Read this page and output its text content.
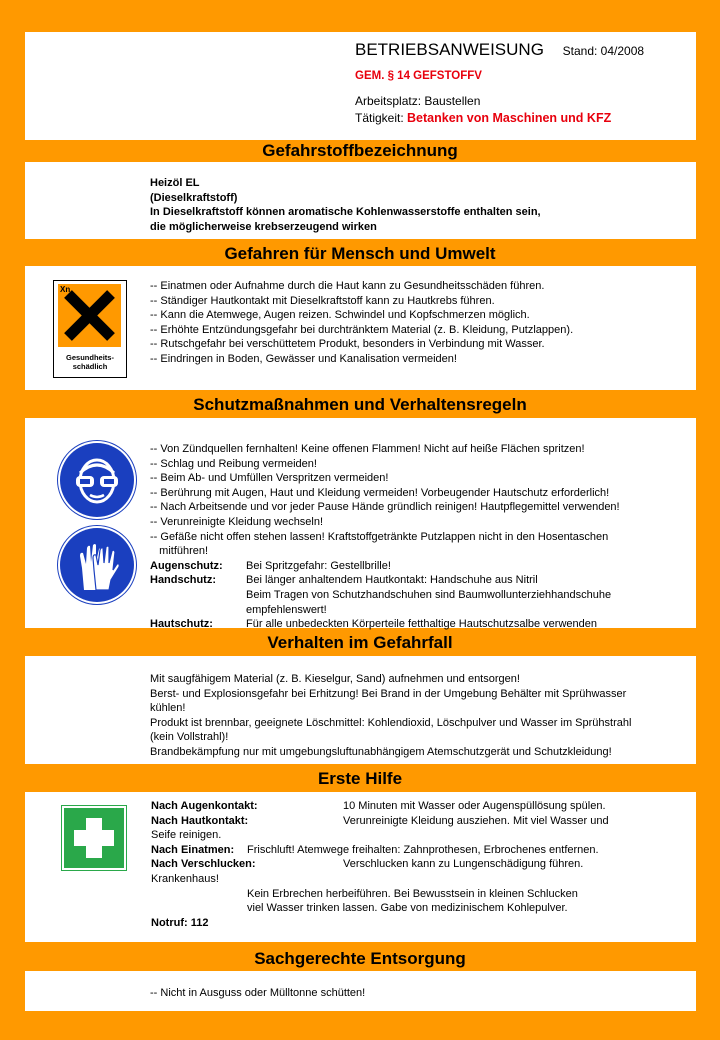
BETRIEBSANWEISUNG Stand: 04/2008
GEM. § 14 GEFSTOFFV
Arbeitsplatz: Baustellen
Tätigkeit: Betanken von Maschinen und KFZ
Gefahrstoffbezeichnung
Heizöl EL
(Dieselkraftstoff)
In Dieselkraftstoff können aromatische Kohlenwasserstoffe enthalten sein,
die möglicherweise krebserzeugend wirken
Gefahren für Mensch und Umwelt
Xn
Gesundheits-
schädlich
-- Einatmen oder Aufnahme durch die Haut kann zu Gesundheitsschäden führen.
-- Ständiger Hautkontakt mit Dieselkraftstoff kann zu Hautkrebs führen.
-- Kann die Atemwege, Augen reizen. Schwindel und Kopfschmerzen möglich.
-- Erhöhte Entzündungsgefahr bei durchtränktem Material (z. B. Kleidung, Putzlappen).
-- Rutschgefahr bei verschüttetem Produkt, besonders in Verbindung mit Wasser.
-- Eindringen in Boden, Gewässer und Kanalisation vermeiden!
Schutzmaßnahmen und Verhaltensregeln
-- Von Zündquellen fernhalten! Keine offenen Flammen! Nicht auf heiße Flächen spritzen!
-- Schlag und Reibung vermeiden!
-- Beim Ab- und Umfüllen Verspritzen vermeiden!
-- Berührung mit Augen, Haut und Kleidung vermeiden! Vorbeugender Hautschutz erforderlich!
-- Nach Arbeitsende und vor jeder Pause Hände gründlich reinigen! Hautpflegemittel verwenden!
-- Verunreinigte Kleidung wechseln!
-- Gefäße nicht offen stehen lassen! Kraftstoffgetränkte Putzlappen nicht in den Hosentaschen
mitführen!
Augenschutz: Bei Spritzgefahr: Gestellbrille!
Handschutz:	Bei länger anhaltendem Hautkontakt: Handschuhe aus Nitril
Beim Tragen von Schutzhandschuhen sind Baumwollunterziehhandschuhe
empfehlenswert!
Hautschutz:	Für alle unbedeckten Körperteile fetthaltige Hautschutzsalbe verwenden
Verhalten im Gefahrfall
Mit saugfähigem Material (z. B. Kieselgur, Sand) aufnehmen und entsorgen!
Berst- und Explosionsgefahr bei Erhitzung! Bei Brand in der Umgebung Behälter mit Sprühwasser
kühlen!
Produkt ist brennbar, geeignete Löschmittel: Kohlendioxid, Löschpulver und Wasser im Sprühstrahl
(kein Vollstrahl)!
Brandbekämpfung nur mit umgebungsluftunabhängigem Atemschutzgerät und Schutzkleidung!
Erste Hilfe
Nach Augenkontakt:	10 Minuten mit Wasser oder Augenspüllösung spülen.
Nach Hautkontakt:	Verunreinigte Kleidung ausziehen. Mit viel Wasser und
Seife reinigen.
Nach Einatmen: Frischluft! Atemwege freihalten: Zahnprothesen, Erbrochenes entfernen.
Nach Verschlucken:	Verschlucken kann zu Lungenschädigung führen.
Krankenhaus!
Kein Erbrechen herbeiführen. Bei Bewusstsein in kleinen Schlucken
viel Wasser trinken lassen. Gabe von medizinischem Kohlepulver.
Notruf: 112
Sachgerechte Entsorgung
-- Nicht in Ausguss oder Mülltonne schütten!
